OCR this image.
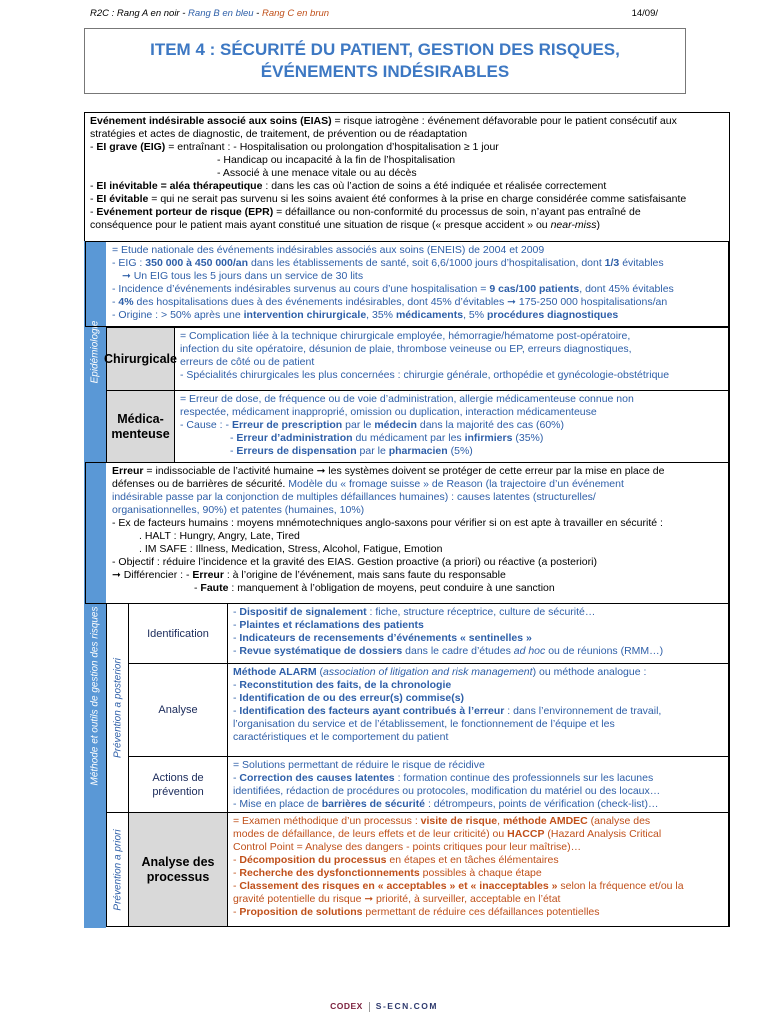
R2C : Rang A en noir - Rang B en bleu - Rang C en brun	14/09/
ITEM 4 : SÉCURITÉ DU PATIENT, GESTION DES RISQUES,
ÉVÉNEMENTS INDÉSIRABLES
Evénement indésirable associé aux soins (EIAS) = risque iatrogène : événement défavorable pour le patient consécutif aux
stratégies et actes de diagnostic, de traitement, de prévention ou de réadaptation
- EI grave (EIG) = entraînant : - Hospitalisation ou prolongation d’hospitalisation ≥ 1 jour
- Handicap ou incapacité à la fin de l’hospitalisation
- Associé à une menace vitale ou au décès
- EI inévitable = aléa thérapeutique : dans les cas où l’action de soins a été indiquée et réalisée correctement
- EI évitable = qui ne serait pas survenu si les soins avaient été conformes à la prise en charge considérée comme satisfaisante
- Evénement porteur de risque (EPR) = défaillance ou non-conformité du processus de soin, n’ayant pas entraîné de
conséquence pour le patient mais ayant constitué une situation de risque (« presque accident » ou near-miss)
Epidémiologie
= Etude nationale des événements indésirables associés aux soins (ENEIS) de 2004 et 2009
- EIG : 350 000 à 450 000/an dans les établissements de santé, soit 6,6/1000 jours d’hospitalisation, dont 1/3 évitables
➞ Un EIG tous les 5 jours dans un service de 30 lits
- Incidence d’événements indésirables survenus au cours d’une hospitalisation = 9 cas/100 patients, dont 45% évitables
- 4% des hospitalisations dues à des événements indésirables, dont 45% d’évitables ➞ 175-250 000 hospitalisations/an
- Origine : > 50% après une intervention chirurgicale, 35% médicaments, 5% procédures diagnostiques
Chirurgicale
= Complication liée à la technique chirurgicale employée, hémorragie/hématome post-opératoire,
infection du site opératoire, désunion de plaie, thrombose veineuse ou EP, erreurs diagnostiques,
erreurs de côté ou de patient
- Spécialités chirurgicales les plus concernées : chirurgie générale, orthopédie et gynécologie-obstétrique
Médica-
menteuse
= Erreur de dose, de fréquence ou de voie d’administration, allergie médicamenteuse connue non
respectée, médicament inapproprié, omission ou duplication, interaction médicamenteuse
- Cause : - Erreur de prescription par le médecin dans la majorité des cas (60%)
- Erreur d’administration du médicament par les infirmiers (35%)
- Erreurs de dispensation par le pharmacien (5%)
Méthode et outils de gestion des risques
Erreur = indissociable de l’activité humaine ➞ les systèmes doivent se protéger de cette erreur par la mise en place de
défenses ou de barrières de sécurité. Modèle du « fromage suisse » de Reason (la trajectoire d’un événement
indésirable passe par la conjonction de multiples défaillances humaines) : causes latentes (structurelles/
organisationnelles, 90%) et patentes (humaines, 10%)
- Ex de facteurs humains : moyens mnémotechniques anglo-saxons pour vérifier si on est apte à travailler en sécurité :
. HALT : Hungry, Angry, Late, Tired
. IM SAFE : Illness, Medication, Stress, Alcohol, Fatigue, Emotion
- Objectif : réduire l’incidence et la gravité des EIAS. Gestion proactive (a priori) ou réactive (a posteriori)
➞ Différencier : - Erreur : à l’origine de l’événement, mais sans faute du responsable
- Faute : manquement à l’obligation de moyens, peut conduire à une sanction
Prévention a posteriori
Identification
- Dispositif de signalement : fiche, structure réceptrice, culture de sécurité…
- Plaintes et réclamations des patients
- Indicateurs de recensements d’événements « sentinelles »
- Revue systématique de dossiers dans le cadre d’études ad hoc ou de réunions (RMM…)
Analyse
Méthode ALARM (association of litigation and risk management) ou méthode analogue :
- Reconstitution des faits, de la chronologie
- Identification de ou des erreur(s) commise(s)
- Identification des facteurs ayant contribués à l’erreur : dans l’environnement de travail,
l’organisation du service et de l’établissement, le fonctionnement de l’équipe et les
caractéristiques et le comportement du patient
Actions de
prévention
= Solutions permettant de réduire le risque de récidive
- Correction des causes latentes : formation continue des professionnels sur les lacunes
identifiées, rédaction de procédures ou protocoles, modification du matériel ou des locaux…
- Mise en place de barrières de sécurité : détrompeurs, points de vérification (check-list)…
Prévention a priori Analyse des
processus
= Examen méthodique d’un processus : visite de risque, méthode AMDEC (analyse des
modes de défaillance, de leurs effets et de leur criticité) ou HACCP (Hazard Analysis Critical
Control Point = Analyse des dangers - points critiques pour leur maîtrise)…
- Décomposition du processus en étapes et en tâches élémentaires
- Recherche des dysfonctionnements possibles à chaque étape
- Classement des risques en « acceptables » et « inacceptables » selon la fréquence et/ou la
gravité potentielle du risque ➞ priorité, à surveiller, acceptable en l’état
- Proposition de solutions permettant de réduire ces défaillances potentielles
CODEX S-ECN.COM
